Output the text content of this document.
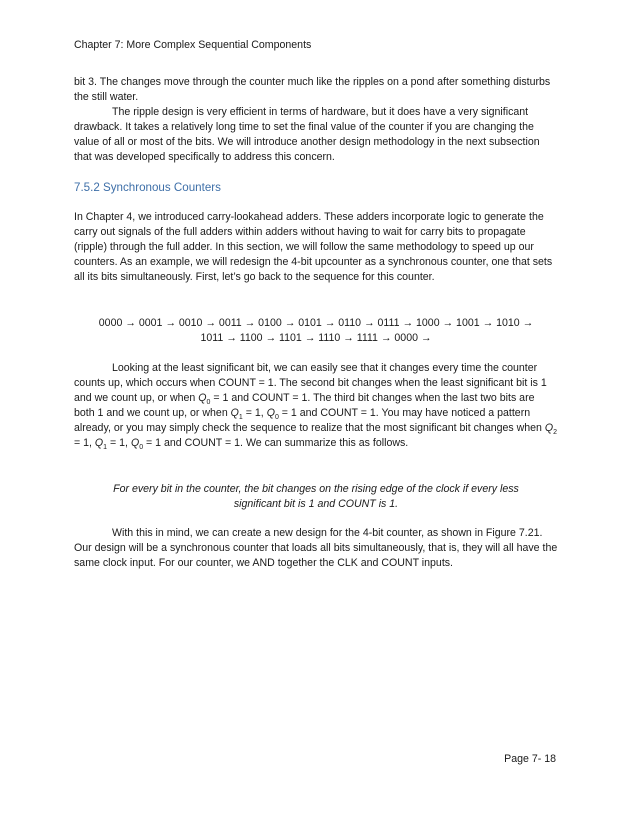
Chapter 7: More Complex Sequential Components

bit 3. The changes move through the counter much like the ripples on a pond after something disturbs the still water.

The ripple design is very efficient in terms of hardware, but it does have a very significant drawback. It takes a relatively long time to set the final value of the counter if you are changing the value of all or most of the bits. We will introduce another design methodology in the next subsection that was developed specifically to address this concern.

7.5.2 Synchronous Counters

In Chapter 4, we introduced carry-lookahead adders. These adders incorporate logic to generate the carry out signals of the full adders within adders without having to wait for carry bits to propagate (ripple) through the full adder. In this section, we will follow the same methodology to speed up our counters. As an example, we will redesign the 4-bit upcounter as a synchronous counter, one that sets all its bits simultaneously. First, let’s go back to the sequence for this counter.

0000 → 0001 → 0010 → 0011 → 0100 → 0101 → 0110 → 0111 → 1000 → 1001 → 1010 →
1011 → 1100 → 1101 → 1110 → 1111 → 0000 →

Looking at the least significant bit, we can easily see that it changes every time the counter counts up, which occurs when COUNT = 1. The second bit changes when the least significant bit is 1 and we count up, or when $Q_0 = 1$ and COUNT = 1. The third bit changes when the last two bits are both 1 and we count up, or when $Q_1 = 1$, $Q_0 = 1$ and COUNT = 1. You may have noticed a pattern already, or you may simply check the sequence to realize that the most significant bit changes when $Q_2 = 1$, $Q_1 = 1$, $Q_0 = 1$ and COUNT = 1. We can summarize this as follows.

For every bit in the counter, the bit changes on the rising edge of the clock if every less significant bit is 1 and COUNT is 1.

With this in mind, we can create a new design for the 4-bit counter, as shown in Figure 7.21. Our design will be a synchronous counter that loads all bits simultaneously, that is, they will all have the same clock input. For our counter, we AND together the CLK and COUNT inputs.

Page 7- 18
